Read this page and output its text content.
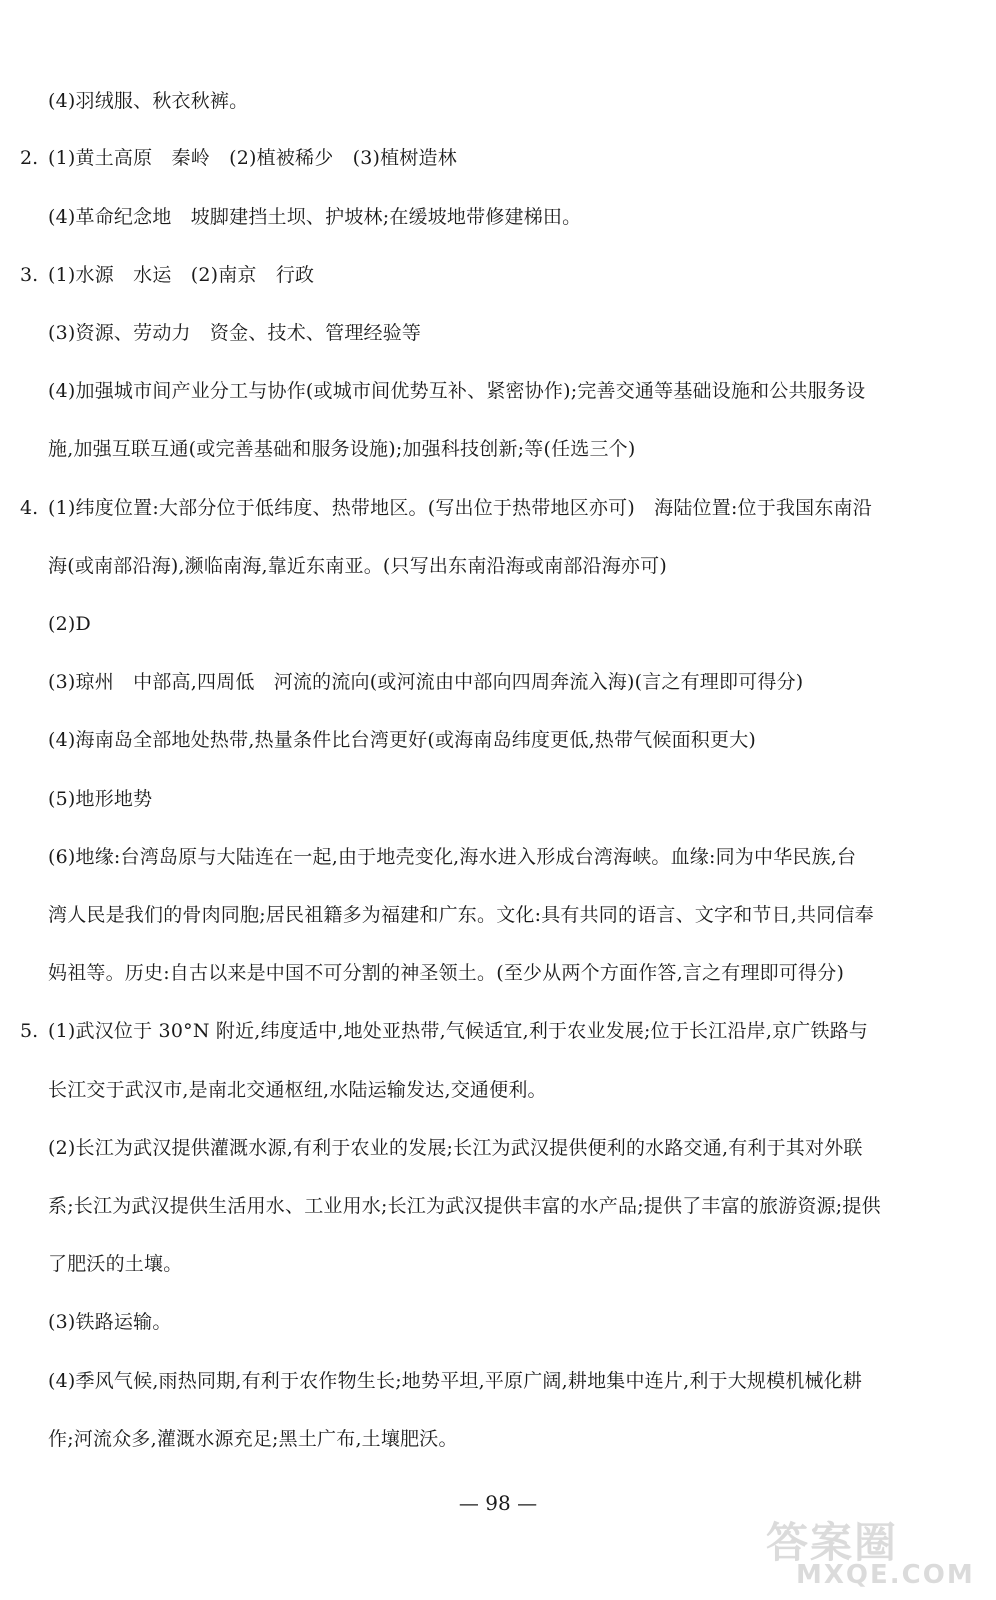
(4)羽绒服、秋衣秋裤。
2. (1)黄土高原　秦岭　(2)植被稀少　(3)植树造林
(4)革命纪念地　坡脚建挡土坝、护坡林;在缓坡地带修建梯田。
3. (1)水源　水运　(2)南京　行政
(3)资源、劳动力　资金、技术、管理经验等
(4)加强城市间产业分工与协作(或城市间优势互补、紧密协作);完善交通等基础设施和公共服务设
施,加强互联互通(或完善基础和服务设施);加强科技创新;等(任选三个)
4. (1)纬度位置:大部分位于低纬度、热带地区。(写出位于热带地区亦可)　海陆位置:位于我国东南沿
海(或南部沿海),濒临南海,靠近东南亚。(只写出东南沿海或南部沿海亦可)
(2)D
(3)琼州　中部高,四周低　河流的流向(或河流由中部向四周奔流入海)(言之有理即可得分)
(4)海南岛全部地处热带,热量条件比台湾更好(或海南岛纬度更低,热带气候面积更大)
(5)地形地势
(6)地缘:台湾岛原与大陆连在一起,由于地壳变化,海水进入形成台湾海峡。血缘:同为中华民族,台
湾人民是我们的骨肉同胞;居民祖籍多为福建和广东。文化:具有共同的语言、文字和节日,共同信奉
妈祖等。历史:自古以来是中国不可分割的神圣领土。(至少从两个方面作答,言之有理即可得分)
5. (1)武汉位于 30°N 附近,纬度适中,地处亚热带,气候适宜,利于农业发展;位于长江沿岸,京广铁路与
长江交于武汉市,是南北交通枢纽,水陆运输发达,交通便利。
(2)长江为武汉提供灌溉水源,有利于农业的发展;长江为武汉提供便利的水路交通,有利于其对外联
系;长江为武汉提供生活用水、工业用水;长江为武汉提供丰富的水产品;提供了丰富的旅游资源;提供
了肥沃的土壤。
(3)铁路运输。
(4)季风气候,雨热同期,有利于农作物生长;地势平坦,平原广阔,耕地集中连片,利于大规模机械化耕
作;河流众多,灌溉水源充足;黑土广布,土壤肥沃。
— 98 —
答案圈
MXQE.COM
